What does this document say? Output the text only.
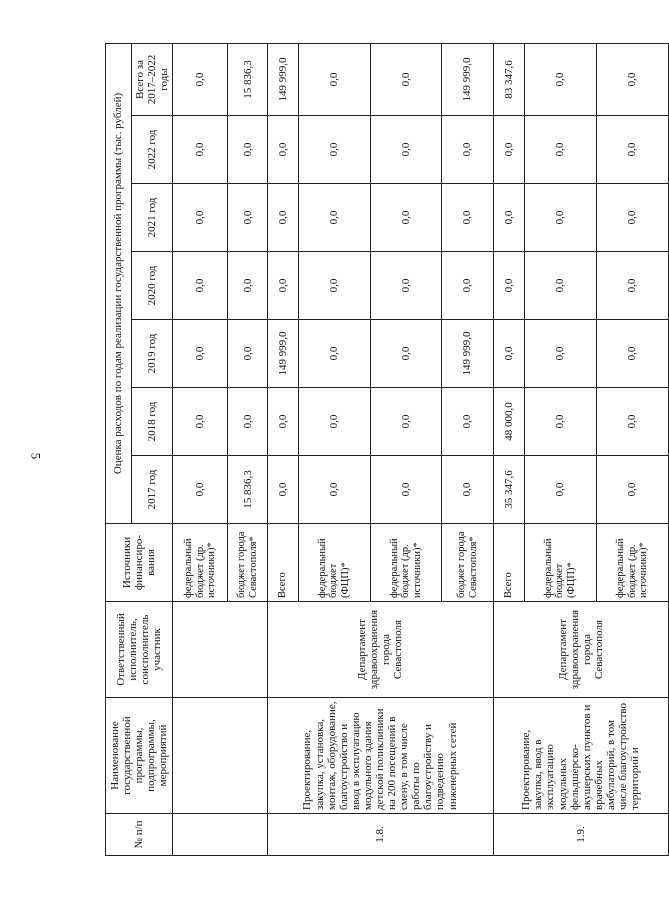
5
№ п/п	Наименование государственной программы, подпрограммы, мероприятий	Ответственный исполнитель, соисполнитель участник	Источники финансиро-вания	Оценка расходов по годам реализации государственной программы (тыс. рублей)						
				2017 год	2018 год	2019 год	2020 год	2021 год	2022 год	Всего за 2017–2022 годы
			федеральный бюджет (др. источники)*	0,0	0,0	0,0	0,0	0,0	0,0	0,0
			бюджет города Севастополя*	15 836,3	0,0	0,0	0,0	0,0	0,0	15 836,3
1.8.	Проектирование, закупка, установка, монтаж, оборудование, благоустройство и ввод в эксплуатацию модульного здания детской поликлиники на 200 посещений в смену, в том числе работы по благоустройству и подведению инженерных сетей	Департамент здравоохранения города Севастополя	Всего	0,0	0,0	149 999,0	0,0	0,0	0,0	149 999,0
			федеральный бюджет (ФЦП)*	0,0	0,0	0,0	0,0	0,0	0,0	0,0
			федеральный бюджет (др. источники)*	0,0	0,0	0,0	0,0	0,0	0,0	0,0
			бюджет города Севастополя*	0,0	0,0	149 999,0	0,0	0,0	0,0	149 999,0
1.9.	Проектирование, закупка, ввод в эксплуатацию модульных фельдшерско-акушерских пунктов и врачебных амбулаторий, в том числе благоустройство территорий и	Департамент здравоохранения города Севастополя	Всего	35 347,6	48 000,0	0,0	0,0	0,0	0,0	83 347,6
			федеральный бюджет (ФЦП)*	0,0	0,0	0,0	0,0	0,0	0,0	0,0
			федеральный бюджет (др. источники)*	0,0	0,0	0,0	0,0	0,0	0,0	0,0
